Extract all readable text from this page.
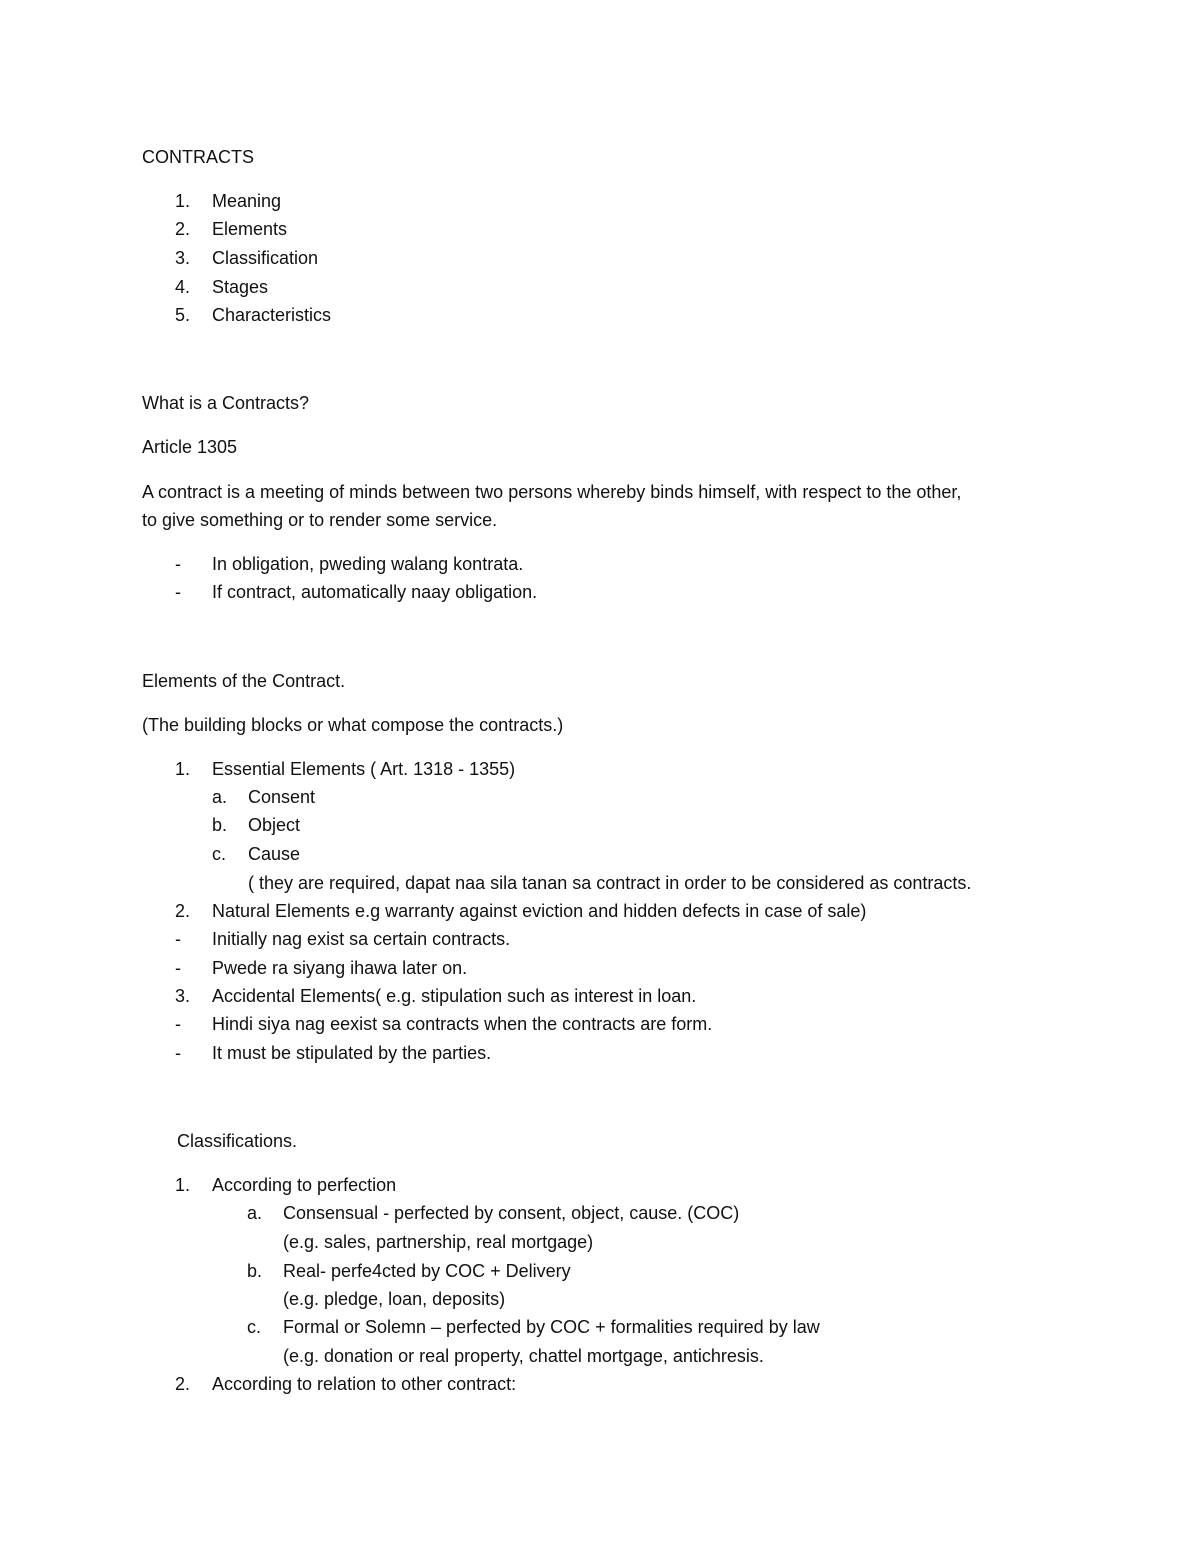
CONTRACTS
1. Meaning
2. Elements
3. Classification
4. Stages
5. Characteristics
What is a Contracts?
Article 1305
A contract is a meeting of minds between two persons whereby binds himself, with respect to the other,
to give something or to render some service.
- In obligation, pweding walang kontrata.
- If contract, automatically naay obligation.
Elements of the Contract.
(The building blocks or what compose the contracts.)
1. Essential Elements ( Art. 1318 - 1355)
a. Consent
b. Object
c. Cause
( they are required, dapat naa sila tanan sa contract in order to be considered as contracts.
2. Natural Elements e.g warranty against eviction and hidden defects in case of sale)
- Initially nag exist sa certain contracts.
- Pwede ra siyang ihawa later on.
3. Accidental Elements( e.g. stipulation such as interest in loan.
- Hindi siya nag eexist sa contracts when the contracts are form.
- It must be stipulated by the parties.
Classifications.
1. According to perfection
a. Consensual - perfected by consent, object, cause. (COC)
(e.g. sales, partnership, real mortgage)
b. Real- perfe4cted by COC + Delivery
(e.g. pledge, loan, deposits)
c. Formal or Solemn – perfected by COC + formalities required by law
(e.g. donation or real property, chattel mortgage, antichresis.
2. According to relation to other contract:
